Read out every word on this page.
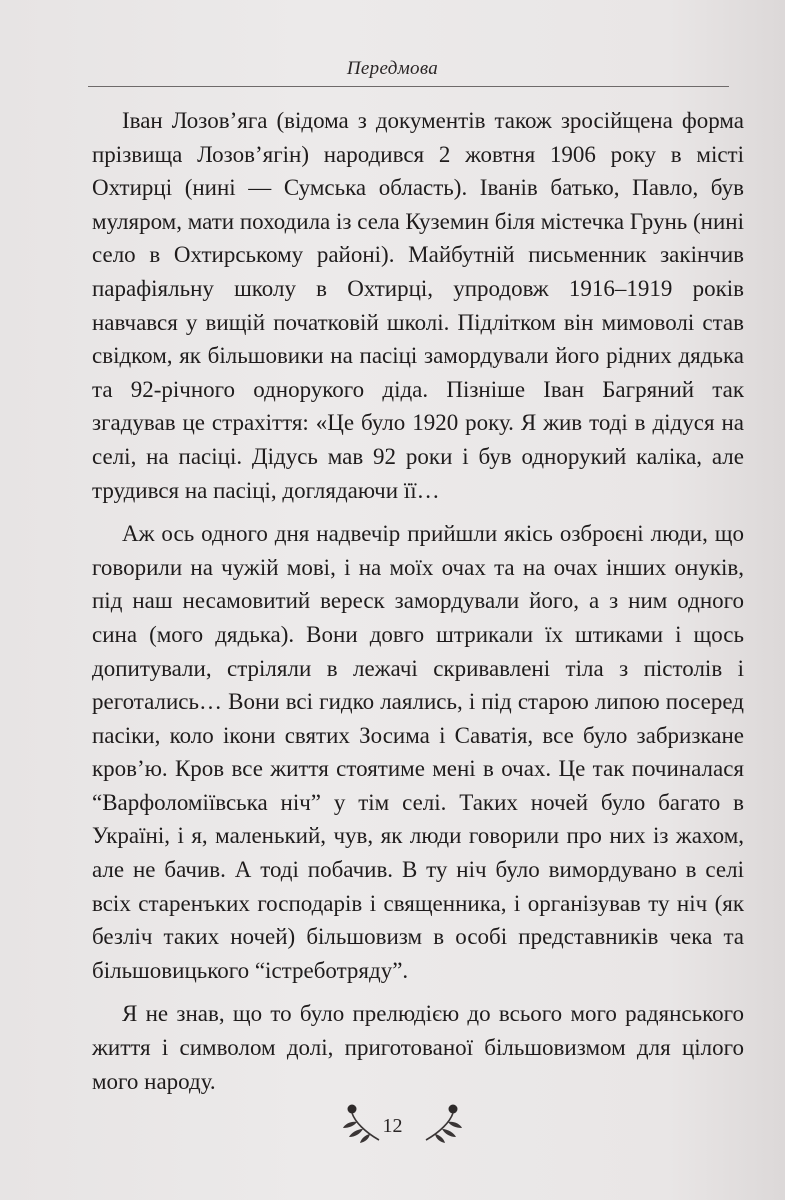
Передмова

Іван Лозов’яга (відома з документів також зросійщена форма прізвища Лозов’ягін) народився 2 жовтня 1906 року в місті Охтирці (нині — Сумська область). Іванів батько, Павло, був муляром, мати походила із села Куземин біля містечка Грунь (нині село в Охтирському районі). Майбутній письменник закінчив парафіяльну школу в Охтирці, упродовж 1916–1919 років навчався у вищій початковій школі. Підлітком він мимоволі став свідком, як більшовики на пасіці замордували його рідних дядька та 92-річного однорукого діда. Пізніше Іван Багряний так згадував це страхіття: «Це було 1920 року. Я жив тоді в дідуся на селі, на пасіці. Дідусь мав 92 роки і був однорукий каліка, але трудився на пасіці, доглядаючи її…

Аж ось одного дня надвечір прийшли якісь озброєні люди, що говорили на чужій мові, і на моїх очах та на очах інших онуків, під наш несамовитий вереск замордували його, а з ним одного сина (мого дядька). Вони довго штрикали їх штиками і щось допитували, стріляли в лежачі скривавлені тіла з пістолів і реготались… Вони всі гидко лаялись, і під старою липою посеред пасіки, коло ікони святих Зосима і Саватія, все було забризкане кров’ю. Кров все життя стоятиме мені в очах. Це так починалася “Варфоломіївська ніч” у тім селі. Таких ночей було багато в Україні, і я, маленький, чув, як люди говорили про них із жахом, але не бачив. А тоді побачив. В ту ніч було вимордувано в селі всіх старенъких господарів і священника, і організував ту ніч (як безліч таких ночей) більшовизм в особі представників чека та більшовицького “істреботряду”.

Я не знав, що то було прелюдією до всього мого радянського життя і символом долі, приготованої більшовизмом для цілого мого народу.

12
